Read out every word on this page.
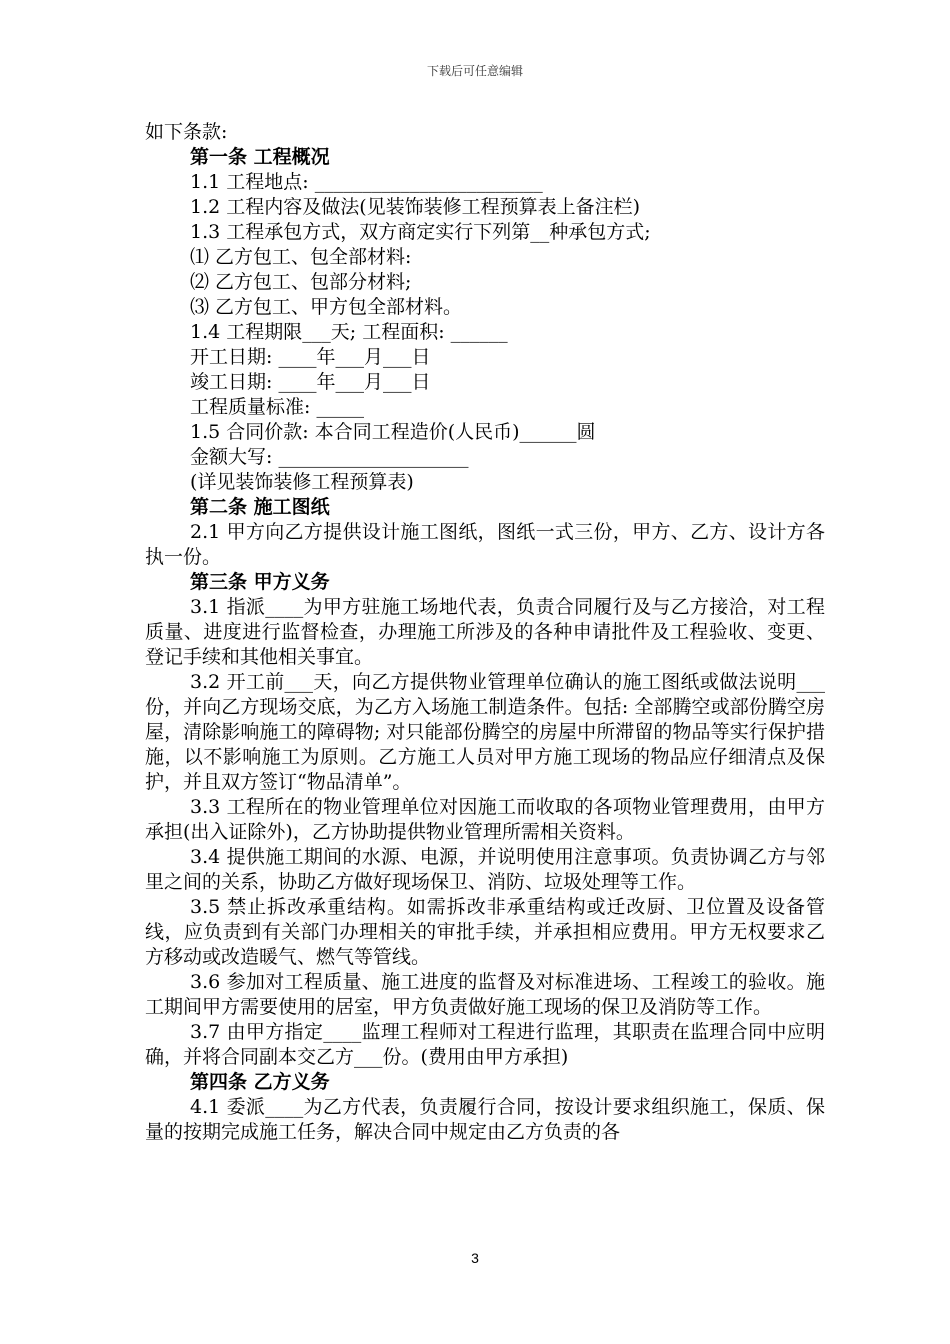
下载后可任意编辑
如下条款:
第一条 工程概况
1.1 工程地点: ________________________
1.2 工程内容及做法(见装饰装修工程预算表上备注栏)
1.3 工程承包方式，双方商定实行下列第__种承包方式;
⑴ 乙方包工、包全部材料:
⑵ 乙方包工、包部分材料;
⑶ 乙方包工、甲方包全部材料。
1.4 工程期限___天; 工程面积: ______
开工日期: ____年___月___日
竣工日期: ____年___月___日
工程质量标准: _____
1.5 合同价款: 本合同工程造价(人民币)______圆
金额大写: ____________________
(详见装饰装修工程预算表)
第二条 施工图纸
2.1 甲方向乙方提供设计施工图纸，图纸一式三份，甲方、乙方、设计方各执一份。
第三条 甲方义务
3.1 指派____为甲方驻施工场地代表，负责合同履行及与乙方接洽，对工程质量、进度进行监督检查，办理施工所涉及的各种申请批件及工程验收、变更、登记手续和其他相关事宜。
3.2 开工前___天，向乙方提供物业管理单位确认的施工图纸或做法说明___份，并向乙方现场交底，为乙方入场施工制造条件。包括: 全部腾空或部份腾空房屋，清除影响施工的障碍物; 对只能部份腾空的房屋中所滞留的物品等实行保护措施，以不影响施工为原则。乙方施工人员对甲方施工现场的物品应仔细清点及保护，并且双方签订“物品清单”。
3.3 工程所在的物业管理单位对因施工而收取的各项物业管理费用，由甲方承担(出入证除外)，乙方协助提供物业管理所需相关资料。
3.4 提供施工期间的水源、电源，并说明使用注意事项。负责协调乙方与邻里之间的关系，协助乙方做好现场保卫、消防、垃圾处理等工作。
3.5 禁止拆改承重结构。如需拆改非承重结构或迁改厨、卫位置及设备管线，应负责到有关部门办理相关的审批手续，并承担相应费用。甲方无权要求乙方移动或改造暖气、燃气等管线。
3.6 参加对工程质量、施工进度的监督及对标准进场、工程竣工的验收。施工期间甲方需要使用的居室，甲方负责做好施工现场的保卫及消防等工作。
3.7 由甲方指定____监理工程师对工程进行监理，其职责在监理合同中应明确，并将合同副本交乙方___份。(费用由甲方承担)
第四条 乙方义务
4.1 委派____为乙方代表，负责履行合同，按设计要求组织施工，保质、保量的按期完成施工任务，解决合同中规定由乙方负责的各
3
